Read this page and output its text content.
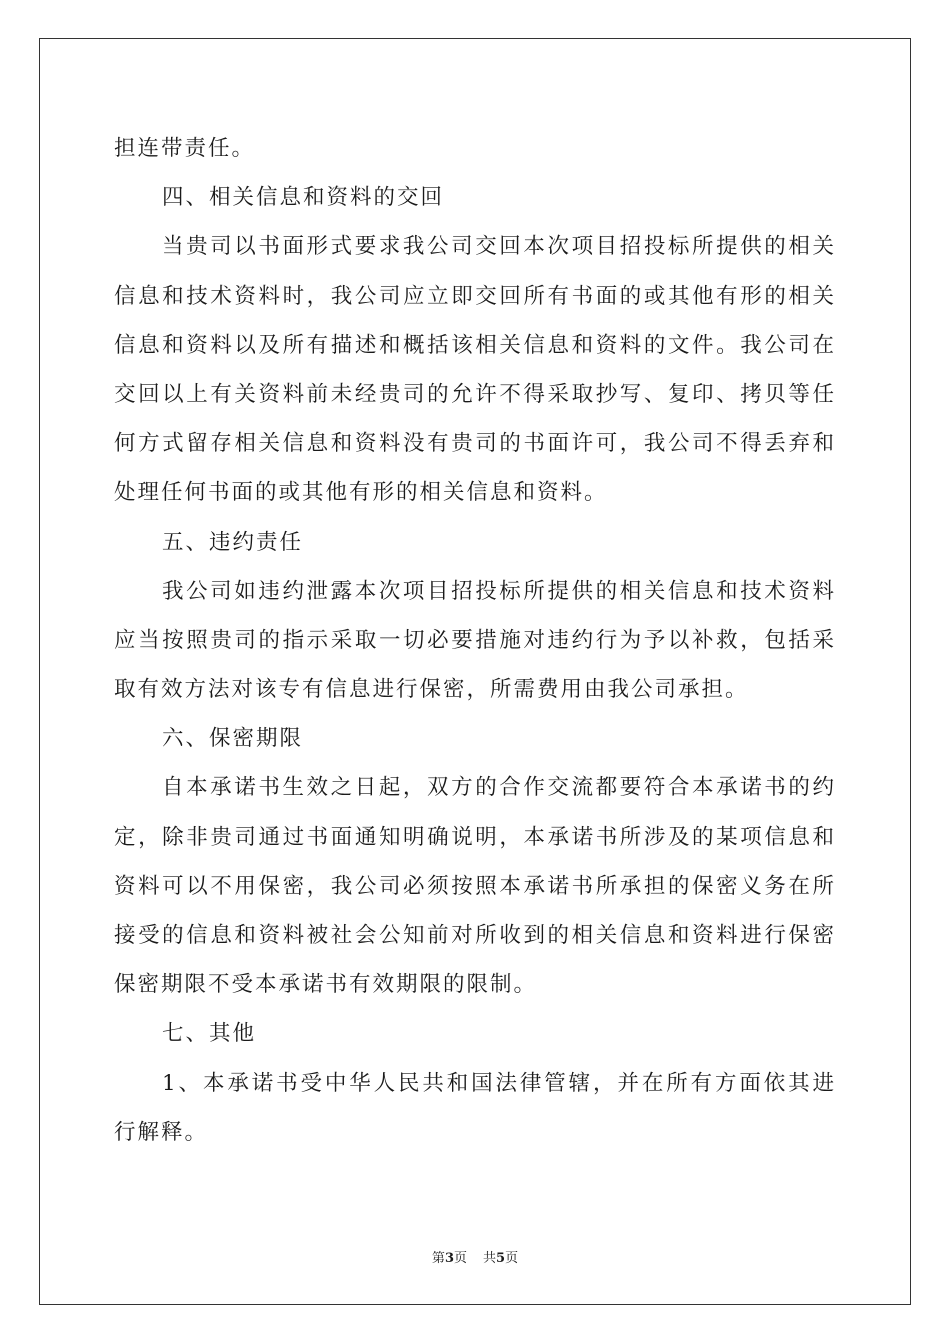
担连带责任。
四、相关信息和资料的交回
当贵司以书面形式要求我公司交回本次项目招投标所提供的相关
信息和技术资料时，我公司应立即交回所有书面的或其他有形的相关
信息和资料以及所有描述和概括该相关信息和资料的文件。我公司在
交回以上有关资料前未经贵司的允许不得采取抄写、复印、拷贝等任
何方式留存相关信息和资料没有贵司的书面许可，我公司不得丢弃和
处理任何书面的或其他有形的相关信息和资料。
五、违约责任
我公司如违约泄露本次项目招投标所提供的相关信息和技术资料
应当按照贵司的指示采取一切必要措施对违约行为予以补救，包括采
取有效方法对该专有信息进行保密，所需费用由我公司承担。
六、保密期限
自本承诺书生效之日起，双方的合作交流都要符合本承诺书的约
定，除非贵司通过书面通知明确说明，本承诺书所涉及的某项信息和
资料可以不用保密，我公司必须按照本承诺书所承担的保密义务在所
接受的信息和资料被社会公知前对所收到的相关信息和资料进行保密
保密期限不受本承诺书有效期限的限制。
七、其他
1、本承诺书受中华人民共和国法律管辖，并在所有方面依其进
行解释。
第3页 共5页
